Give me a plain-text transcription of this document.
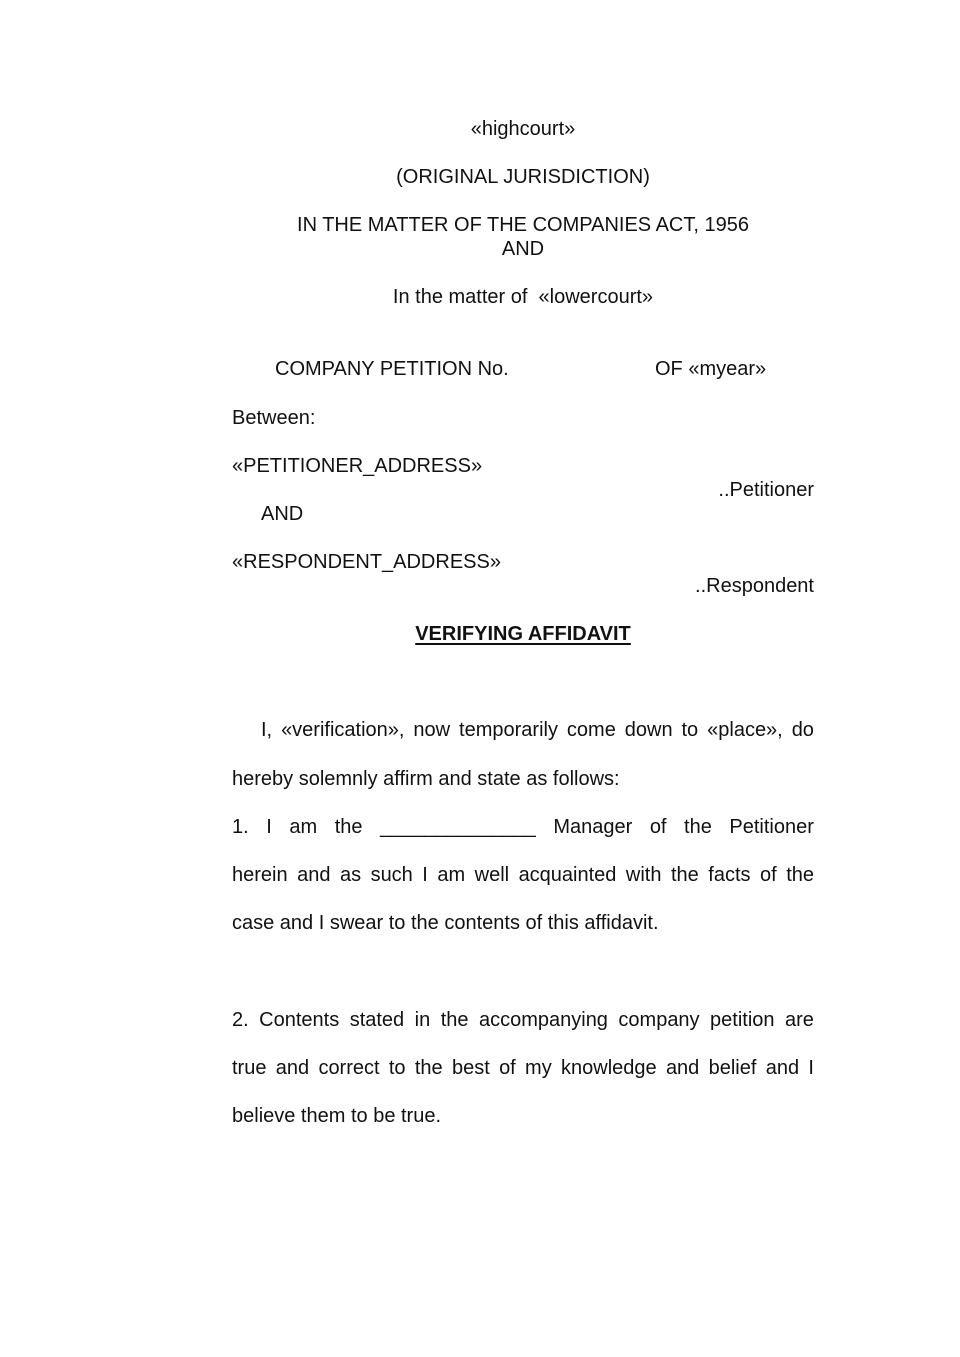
«highcourt»

(ORIGINAL JURISDICTION)

IN THE MATTER OF THE COMPANIES ACT, 1956

AND

In the matter of  «lowercourt»

COMPANY PETITION No.	OF «myear»

Between:

«PETITIONER_ADDRESS»

..Petitioner

AND

«RESPONDENT_ADDRESS»

..Respondent

VERIFYING AFFIDAVIT

I, «verification», now temporarily come down to «place», do

hereby solemnly affirm and state as follows:

1. I am the ______________ Manager of the Petitioner
herein and as such I am well acquainted with the facts of the

case and I swear to the contents of this affidavit.

2. Contents stated in the accompanying company petition are
true and correct to the best of my knowledge and belief and I

believe them to be true.
